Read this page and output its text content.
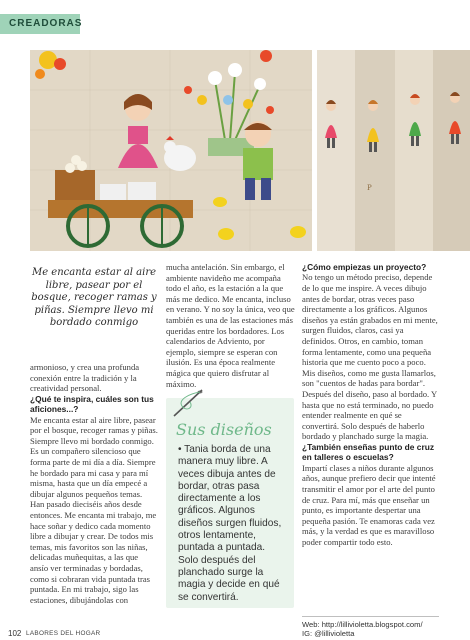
CREADORAS
P
Me encanta estar al aire libre, pasear por el bosque, recoger ramas y piñas. Siempre llevo mi bordado conmigo

armonioso, y crea una profunda conexión entre la tradición y la creatividad personal.

¿Qué te inspira, cuáles son tus aficiones...?

Me encanta estar al aire libre, pasear por el bosque, recoger ramas y piñas. Siempre llevo mi bordado conmigo. Es un compañero silencioso que forma parte de mi día a día. Siempre he bordado para mi casa y para mí misma, hasta que un día empecé a dibujar algunos pequeños temas. Han pasado dieciséis años desde entonces. Me encanta mi trabajo, me hace soñar y dedico cada momento libre a dibujar y crear. De todos mis temas, mis favoritos son las niñas, delicadas muñequitas, a las que ansío ver terminadas y bordadas, como si cobraran vida puntada tras puntada. En mi trabajo, sigo las estaciones, dibujándolas con

mucha antelación. Sin embargo, el ambiente navideño me acompaña todo el año, es la estación a la que más me dedico. Me encanta, incluso en verano. Y no soy la única, veo que también es una de las estaciones más queridas entre los bordadores. Los calendarios de Adviento, por ejemplo, siempre se esperan con ilusión. Es una época realmente mágica que quiero disfrutar al máximo.

Sus diseños
• Tania borda de una manera muy libre. A veces dibuja antes de bordar, otras pasa directamente a los gráficos. Algunos diseños surgen fluidos, otros lentamente, puntada a puntada. Solo después del planchado surge la magia y decide en qué se convertirá.

¿Cómo empiezas un proyecto?

No tengo un método preciso, depende de lo que me inspire. A veces dibujo antes de bordar, otras veces paso directamente a los gráficos. Algunos diseños ya están grabados en mi mente, surgen fluidos, claros, casi ya definidos. Otros, en cambio, toman forma lentamente, como una pequeña historia que me cuento poco a poco. Mis diseños, como me gusta llamarlos, son "cuentos de hadas para bordar". Después del diseño, paso al bordado. Y hasta que no está terminado, no puedo entender realmente en qué se convertirá. Solo después de haberlo bordado y planchado surge la magia.

¿También enseñas punto de cruz en talleres o escuelas?

Impartí clases a niños durante algunos años, aunque prefiero decir que intenté transmitir el amor por el arte del punto de cruz. Para mí, más que enseñar un punto, es importante despertar una pequeña pasión. Te enamoras cada vez más, y la verdad es que es maravilloso poder compartir todo esto.

Web: http://lillivioletta.blogspot.com/
IG: @lillivioletta
102 LABORES DEL HOGAR
